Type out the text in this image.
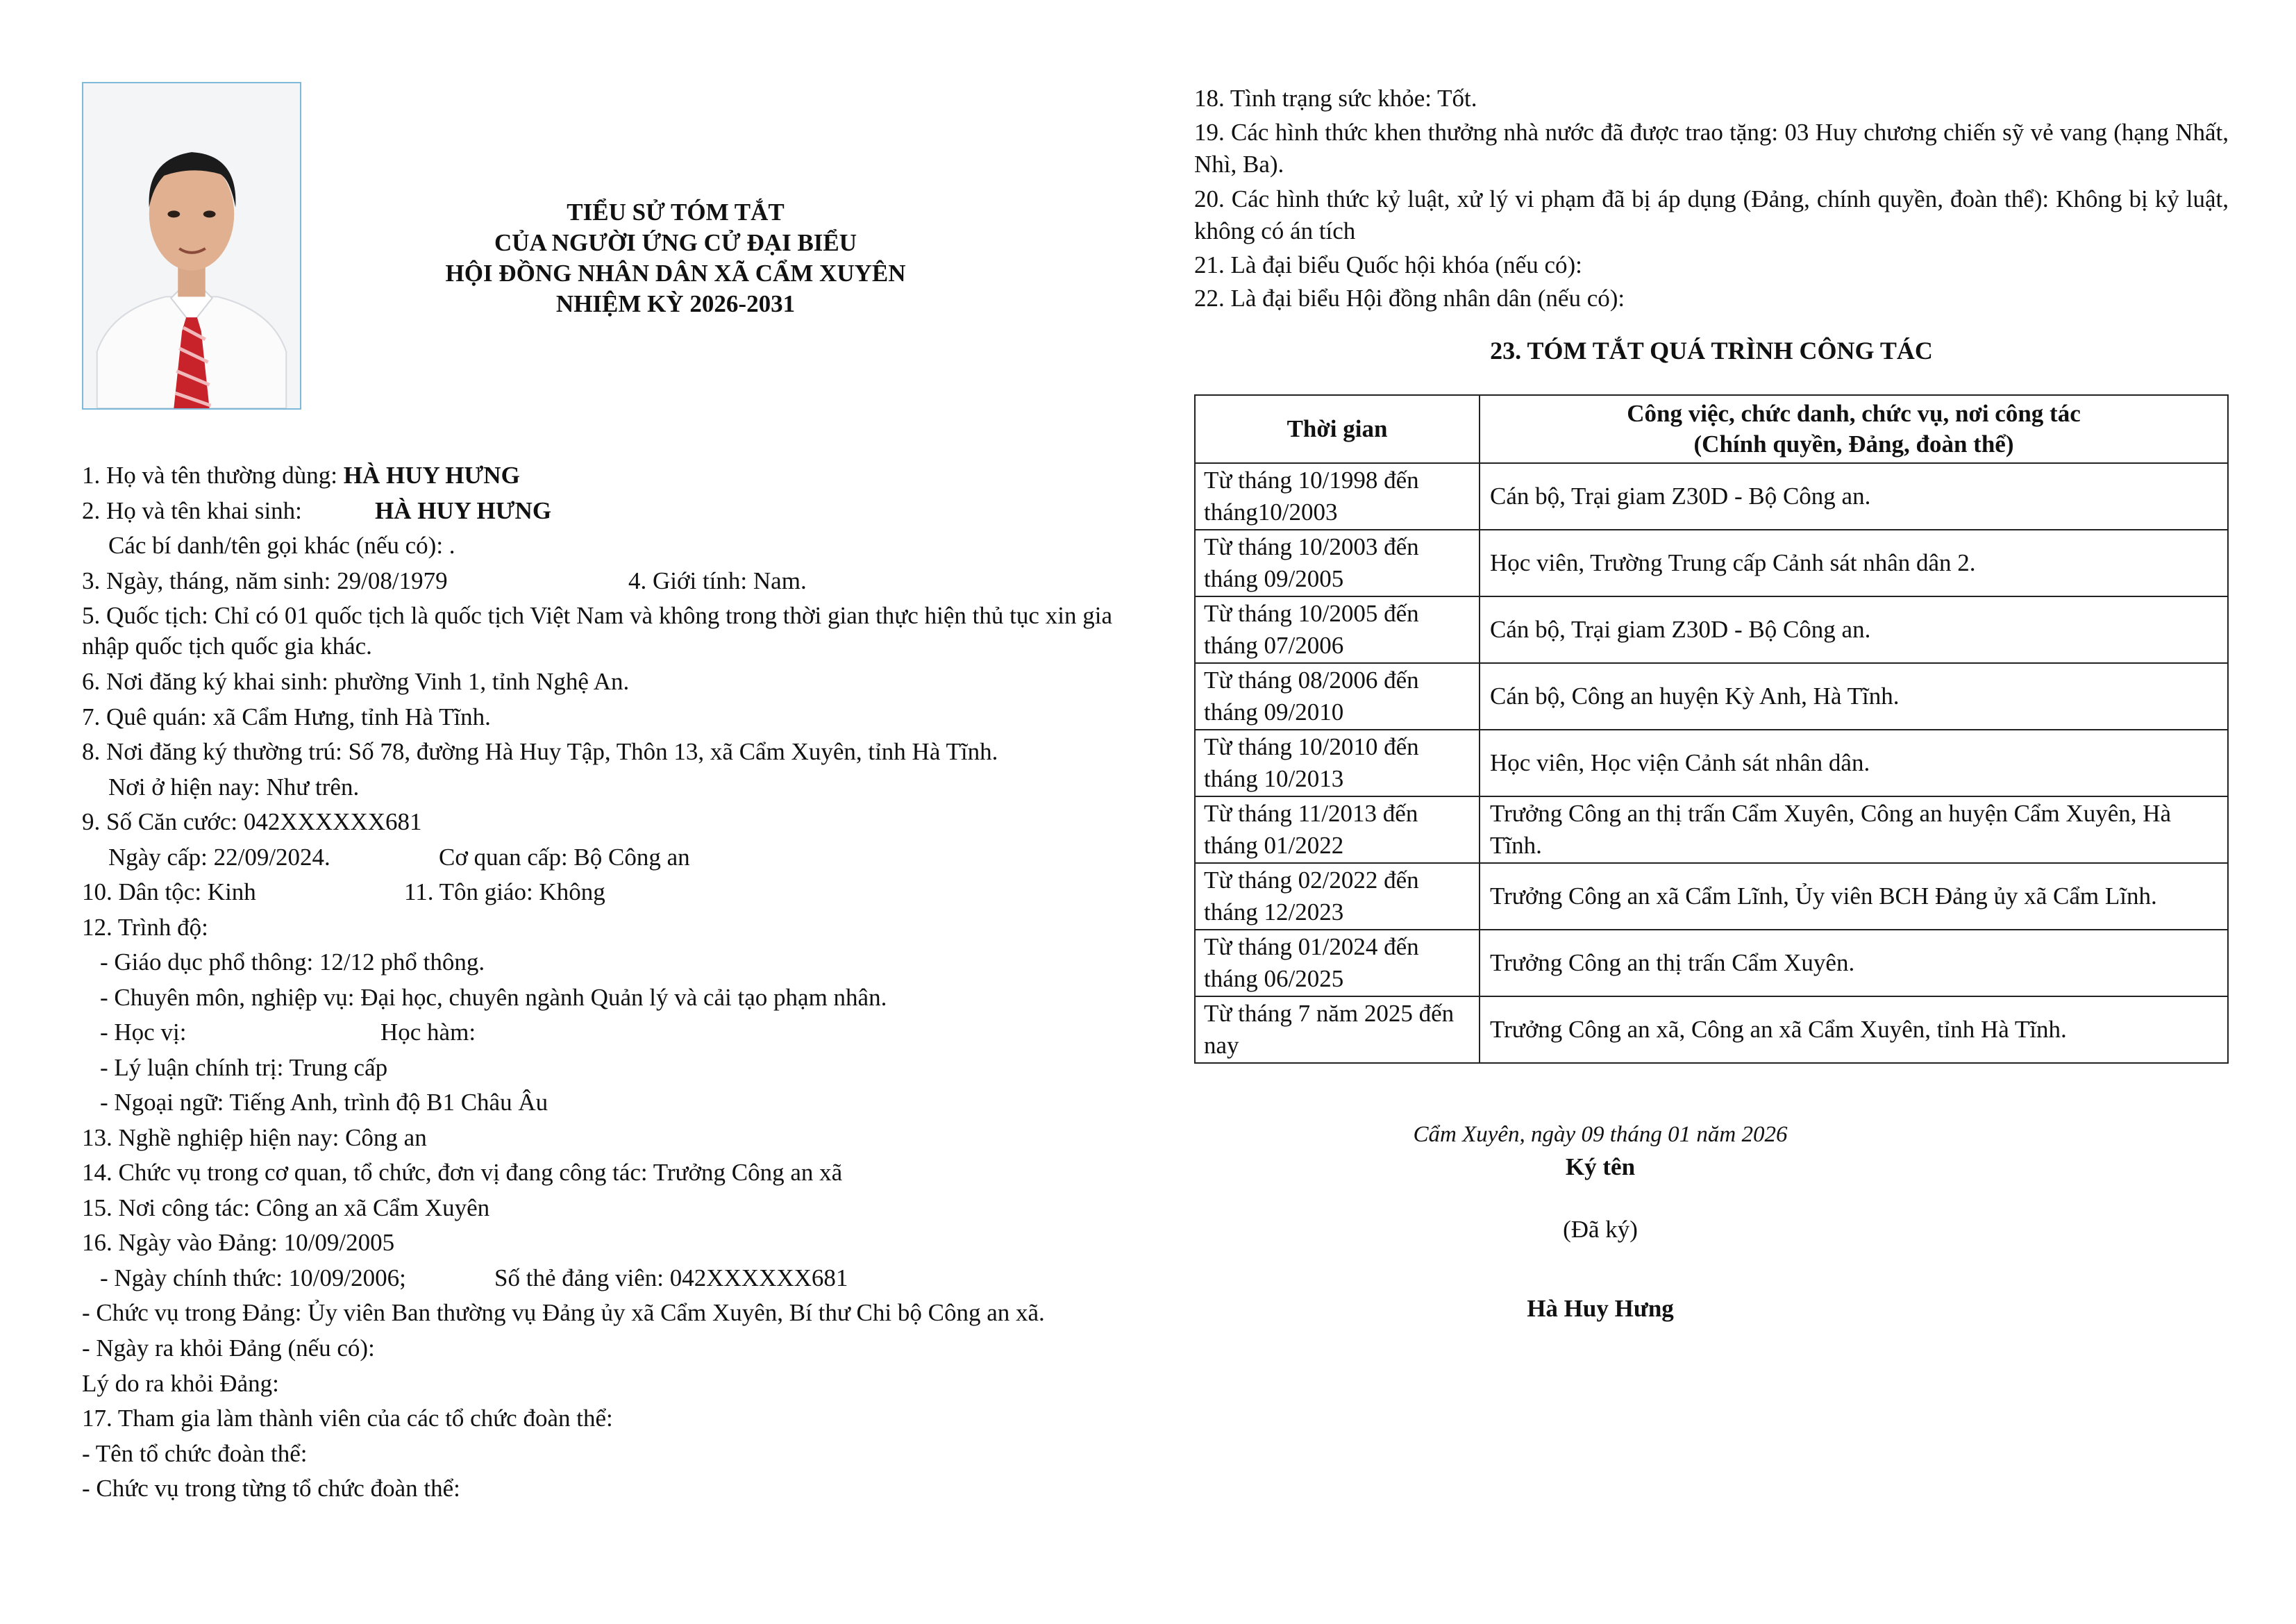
TIỂU SỬ TÓM TẮT
CỦA NGƯỜI ỨNG CỬ ĐẠI BIỂU
HỘI ĐỒNG NHÂN DÂN XÃ CẨM XUYÊN
NHIỆM KỲ 2026-2031
1. Họ và tên thường dùng: HÀ HUY HƯNG
2. Họ và tên khai sinh:	HÀ HUY HƯNG
Các bí danh/tên gọi khác (nếu có): .
3. Ngày, tháng, năm sinh: 29/08/1979	4. Giới tính: Nam.
5. Quốc tịch: Chỉ có 01 quốc tịch là quốc tịch Việt Nam và không trong thời gian thực hiện thủ tục xin gia nhập quốc tịch quốc gia khác.
6. Nơi đăng ký khai sinh: phường Vinh 1, tỉnh Nghệ An.
7. Quê quán: xã Cẩm Hưng, tỉnh Hà Tĩnh.
8. Nơi đăng ký thường trú: Số 78, đường Hà Huy Tập, Thôn 13, xã Cẩm Xuyên, tỉnh Hà Tĩnh.
Nơi ở hiện nay: Như trên.
9. Số Căn cước: 042XXXXXX681
Ngày cấp: 22/09/2024.	Cơ quan cấp: Bộ Công an
10. Dân tộc: Kinh	11. Tôn giáo: Không
12. Trình độ:
- Giáo dục phổ thông: 12/12 phổ thông.
- Chuyên môn, nghiệp vụ: Đại học, chuyên ngành Quản lý và cải tạo phạm nhân.
- Học vị:	Học hàm:
- Lý luận chính trị: Trung cấp
- Ngoại ngữ: Tiếng Anh, trình độ B1 Châu Âu
13. Nghề nghiệp hiện nay: Công an
14. Chức vụ trong cơ quan, tổ chức, đơn vị đang công tác: Trưởng Công an xã
15. Nơi công tác: Công an xã Cẩm Xuyên
16. Ngày vào Đảng: 10/09/2005
- Ngày chính thức: 10/09/2006;	Số thẻ đảng viên: 042XXXXXX681
- Chức vụ trong Đảng: Ủy viên Ban thường vụ Đảng ủy xã Cẩm Xuyên, Bí thư Chi bộ Công an xã.
- Ngày ra khỏi Đảng (nếu có):
Lý do ra khỏi Đảng:
17. Tham gia làm thành viên của các tổ chức đoàn thể:
- Tên tổ chức đoàn thể:
- Chức vụ trong từng tổ chức đoàn thể:
18. Tình trạng sức khỏe: Tốt.
19. Các hình thức khen thưởng nhà nước đã được trao tặng: 03 Huy chương chiến sỹ vẻ vang (hạng Nhất, Nhì, Ba).
20. Các hình thức kỷ luật, xử lý vi phạm đã bị áp dụng (Đảng, chính quyền, đoàn thể): Không bị kỷ luật, không có án tích
21. Là đại biểu Quốc hội khóa (nếu có):
22. Là đại biểu Hội đồng nhân dân (nếu có):
23. TÓM TẮT QUÁ TRÌNH CÔNG TÁC
Thời gian	Công việc, chức danh, chức vụ, nơi công tác
(Chính quyền, Đảng, đoàn thể)

Từ tháng 10/1998 đến tháng10/2003	Cán bộ, Trại giam Z30D - Bộ Công an.
Từ tháng 10/2003 đến tháng 09/2005	Học viên, Trường Trung cấp Cảnh sát nhân dân 2.
Từ tháng 10/2005 đến tháng 07/2006	Cán bộ, Trại giam Z30D - Bộ Công an.
Từ tháng 08/2006 đến tháng 09/2010	Cán bộ, Công an huyện Kỳ Anh, Hà Tĩnh.
Từ tháng 10/2010 đến tháng 10/2013	Học viên, Học viện Cảnh sát nhân dân.
Từ tháng 11/2013 đến tháng 01/2022	Trưởng Công an thị trấn Cẩm Xuyên, Công an huyện Cẩm Xuyên, Hà Tĩnh.
Từ tháng 02/2022 đến tháng 12/2023	Trưởng Công an xã Cẩm Lĩnh, Ủy viên BCH Đảng ủy xã Cẩm Lĩnh.
Từ tháng 01/2024 đến tháng 06/2025	Trưởng Công an thị trấn Cẩm Xuyên.
Từ tháng 7 năm 2025 đến nay	Trưởng Công an xã, Công an xã Cẩm Xuyên, tỉnh Hà Tĩnh.
Cẩm Xuyên, ngày 09 tháng 01 năm 2026
Ký tên
(Đã ký)
Hà Huy Hưng
